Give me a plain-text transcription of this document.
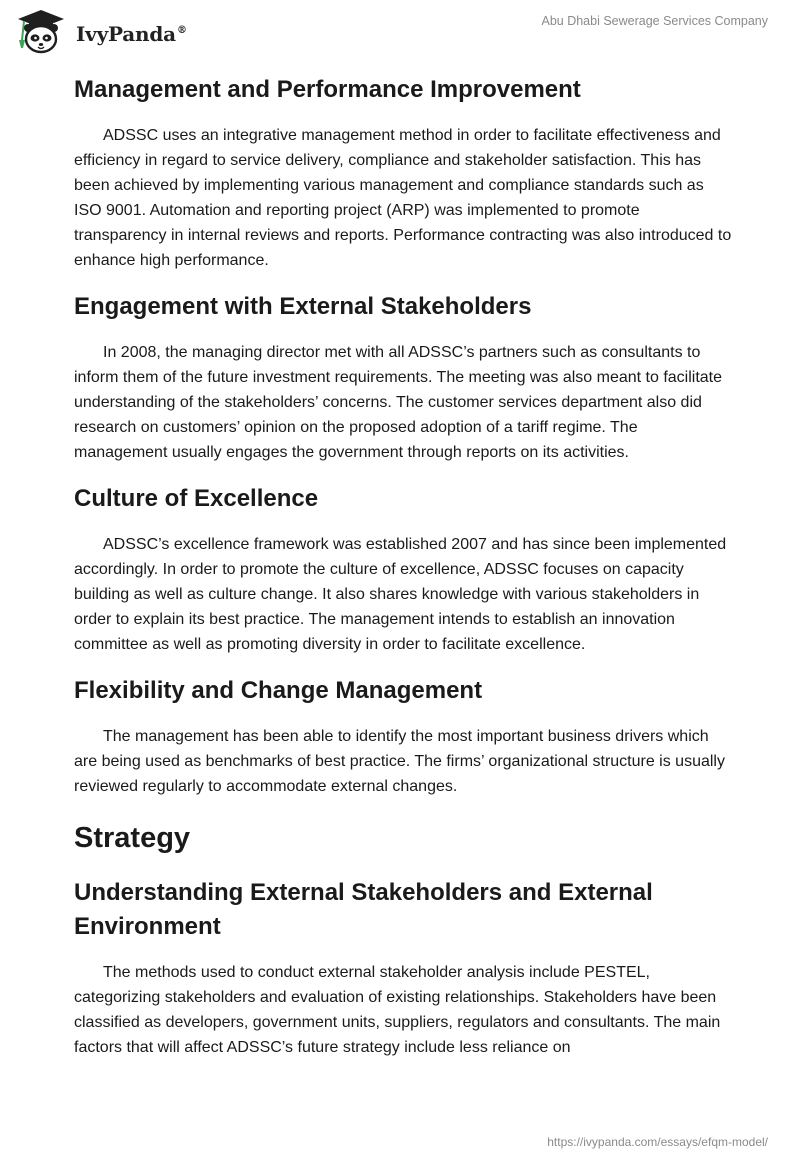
IvyPanda®
Abu Dhabi Sewerage Services Company
Management and Performance Improvement

ADSSC uses an integrative management method in order to facilitate effectiveness and efficiency in regard to service delivery, compliance and stakeholder satisfaction. This has been achieved by implementing various management and compliance standards such as ISO 9001. Automation and reporting project (ARP) was implemented to promote transparency in internal reviews and reports. Performance contracting was also introduced to enhance high performance.

Engagement with External Stakeholders

In 2008, the managing director met with all ADSSC’s partners such as consultants to inform them of the future investment requirements. The meeting was also meant to facilitate understanding of the stakeholders’ concerns. The customer services department also did research on customers’ opinion on the proposed adoption of a tariff regime. The management usually engages the government through reports on its activities.

Culture of Excellence

ADSSC’s excellence framework was established 2007 and has since been implemented accordingly. In order to promote the culture of excellence, ADSSC focuses on capacity building as well as culture change. It also shares knowledge with various stakeholders in order to explain its best practice. The management intends to establish an innovation committee as well as promoting diversity in order to facilitate excellence.

Flexibility and Change Management

The management has been able to identify the most important business drivers which are being used as benchmarks of best practice. The firms’ organizational structure is usually reviewed regularly to accommodate external changes.

Strategy
Understanding External Stakeholders and External Environment

The methods used to conduct external stakeholder analysis include PESTEL, categorizing stakeholders and evaluation of existing relationships. Stakeholders have been classified as developers, government units, suppliers, regulators and consultants. The main factors that will affect ADSSC’s future strategy include less reliance on

https://ivypanda.com/essays/efqm-model/
